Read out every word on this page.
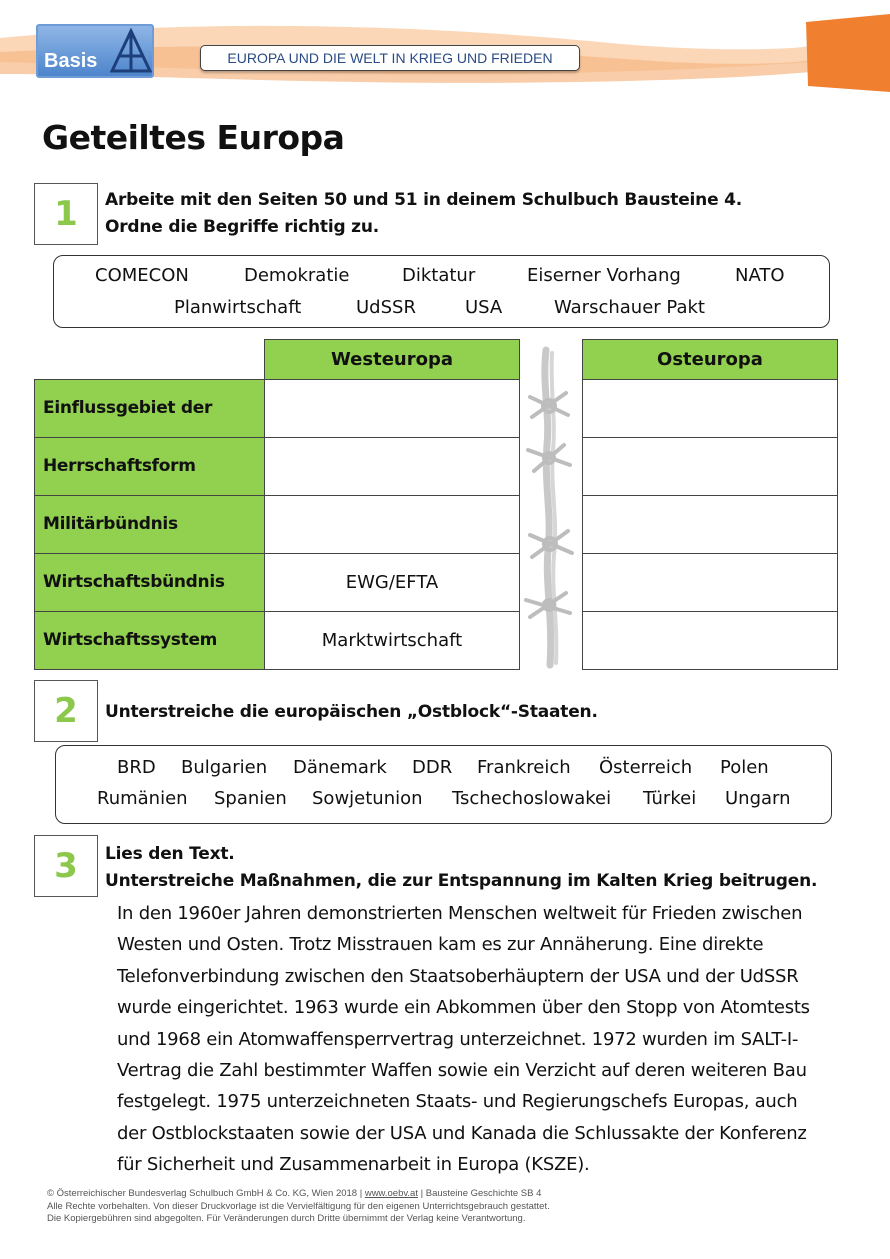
Basis	EUROPA UND DIE WELT IN KRIEG UND FRIEDEN
Geteiltes Europa
1	Arbeite mit den Seiten 50 und 51 in deinem Schulbuch Bausteine 4.
Ordne die Begriffe richtig zu.
COMECON	Demokratie	Diktatur	Eiserner Vorhang	NATO
Planwirtschaft	UdSSR	USA	Warschauer Pakt
Westeuropa	Osteuropa
Einflussgebiet der
Herrschaftsform
Militärbündnis
Wirtschaftsbündnis	EWG/EFTA
Wirtschaftssystem	Marktwirtschaft
2	Unterstreiche die europäischen „Ostblock“-Staaten.
BRD Bulgarien Dänemark DDR Frankreich Österreich Polen
Rumänien Spanien Sowjetunion Tschechoslowakei Türkei Ungarn
3	Lies den Text.
Unterstreiche Maßnahmen, die zur Entspannung im Kalten Krieg beitrugen.
In den 1960er Jahren demonstrierten Menschen weltweit für Frieden zwischen
Westen und Osten. Trotz Misstrauen kam es zur Annäherung. Eine direkte
Telefonverbindung zwischen den Staatsoberhäuptern der USA und der UdSSR
wurde eingerichtet. 1963 wurde ein Abkommen über den Stopp von Atomtests
und 1968 ein Atomwaffensperrvertrag unterzeichnet. 1972 wurden im SALT-I-
Vertrag die Zahl bestimmter Waffen sowie ein Verzicht auf deren weiteren Bau
festgelegt. 1975 unterzeichneten Staats- und Regierungschefs Europas, auch
der Ostblockstaaten sowie der USA und Kanada die Schlussakte der Konferenz
für Sicherheit und Zusammenarbeit in Europa (KSZE).
© Österreichischer Bundesverlag Schulbuch GmbH & Co. KG, Wien 2018 | www.oebv.at | Bausteine Geschichte SB 4
Alle Rechte vorbehalten. Von dieser Druckvorlage ist die Vervielfältigung für den eigenen Unterrichtsgebrauch gestattet.
Die Kopiergebühren sind abgegolten. Für Veränderungen durch Dritte übernimmt der Verlag keine Verantwortung.
